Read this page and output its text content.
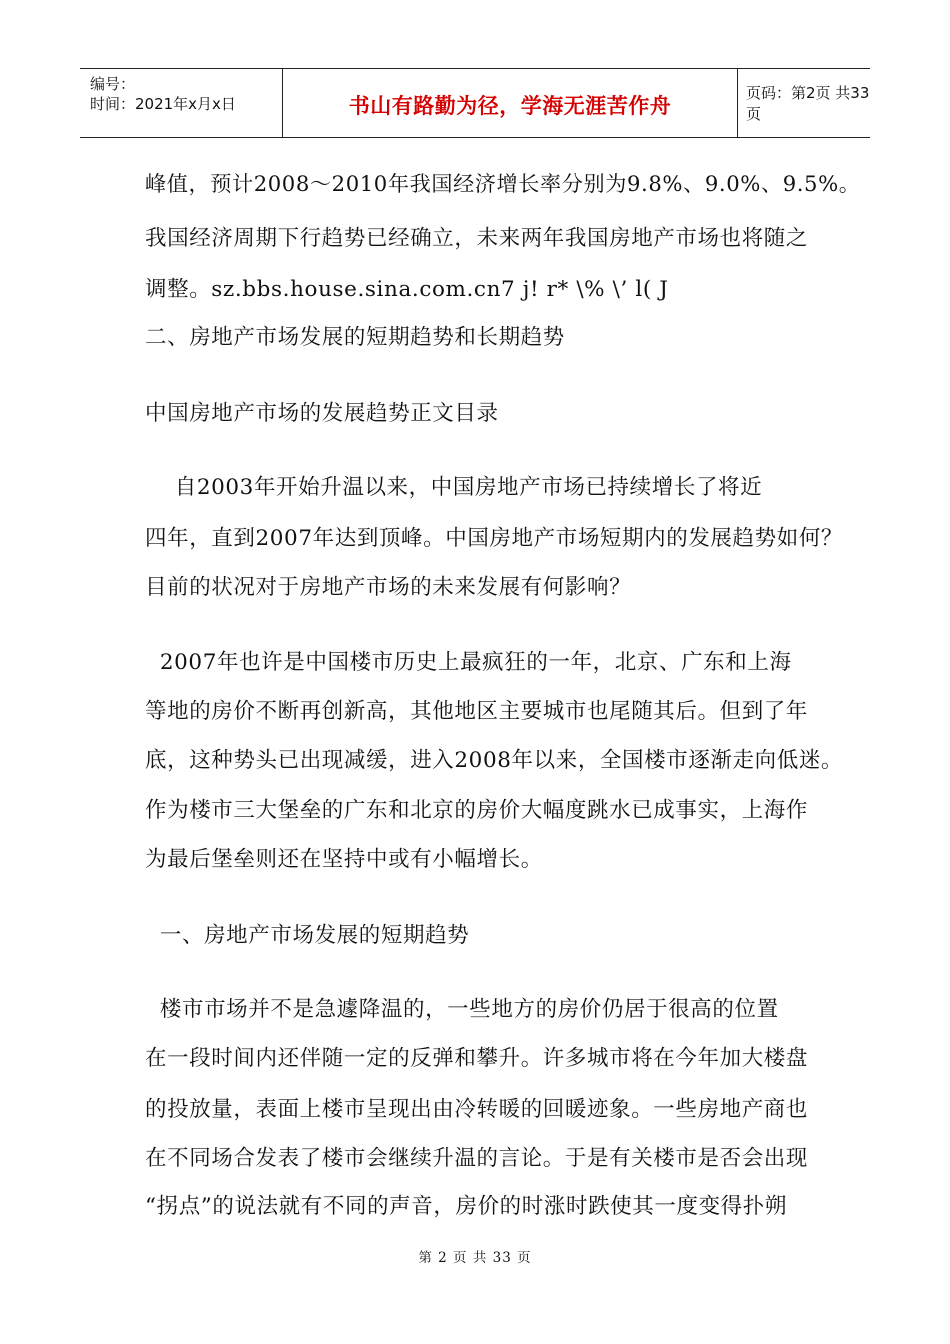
编号：
时间：2021年x月x日	书山有路勤为径，学海无涯苦作舟
页码：第2页 共33页
峰值，预计2008～2010年我国经济增长率分别为9.8%、9.0%、9.5%。
我国经济周期下行趋势已经确立，未来两年我国房地产市场也将随之
调整。sz.bbs.house.sina.com.cn7 j! r* \% \’ l( J
二、房地产市场发展的短期趋势和长期趋势
中国房地产市场的发展趋势正文目录
自2003年开始升温以来，中国房地产市场已持续增长了将近
四年，直到2007年达到顶峰。中国房地产市场短期内的发展趋势如何？
目前的状况对于房地产市场的未来发展有何影响？
2007年也许是中国楼市历史上最疯狂的一年，北京、广东和上海
等地的房价不断再创新高，其他地区主要城市也尾随其后。但到了年
底，这种势头已出现减缓，进入2008年以来，全国楼市逐渐走向低迷。
作为楼市三大堡垒的广东和北京的房价大幅度跳水已成事实，上海作
为最后堡垒则还在坚持中或有小幅增长。
一、房地产市场发展的短期趋势
楼市市场并不是急遽降温的，一些地方的房价仍居于很高的位置
在一段时间内还伴随一定的反弹和攀升。许多城市将在今年加大楼盘
的投放量，表面上楼市呈现出由冷转暖的回暖迹象。一些房地产商也
在不同场合发表了楼市会继续升温的言论。于是有关楼市是否会出现
“拐点”的说法就有不同的声音，房价的时涨时跌使其一度变得扑朔
第 2 页 共 33 页
